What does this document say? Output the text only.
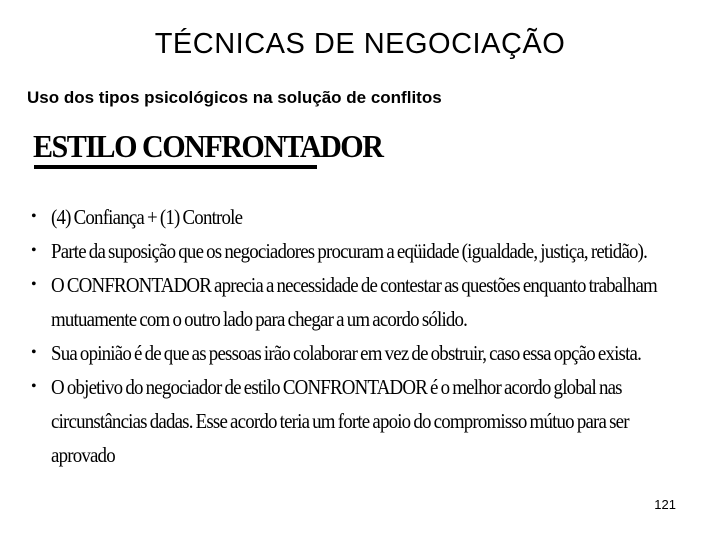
TÉCNICAS DE NEGOCIAÇÃO
Uso dos tipos psicológicos na solução de conflitos
ESTILO CONFRONTADOR
• (4) Confiança + (1) Controle
• Parte da suposição que os negociadores procuram a eqüidade (igualdade, justiça, retidão).
• O CONFRONTADOR aprecia a necessidade de contestar as questões enquanto trabalham
mutuamente com o outro lado para chegar a um acordo sólido.
• Sua opinião é de que as pessoas irão colaborar em vez de obstruir, caso essa opção exista.
• O objetivo do negociador de estilo CONFRONTADOR é o melhor acordo global nas
circunstâncias dadas. Esse acordo teria um forte apoio do compromisso mútuo para ser
aprovado
121
